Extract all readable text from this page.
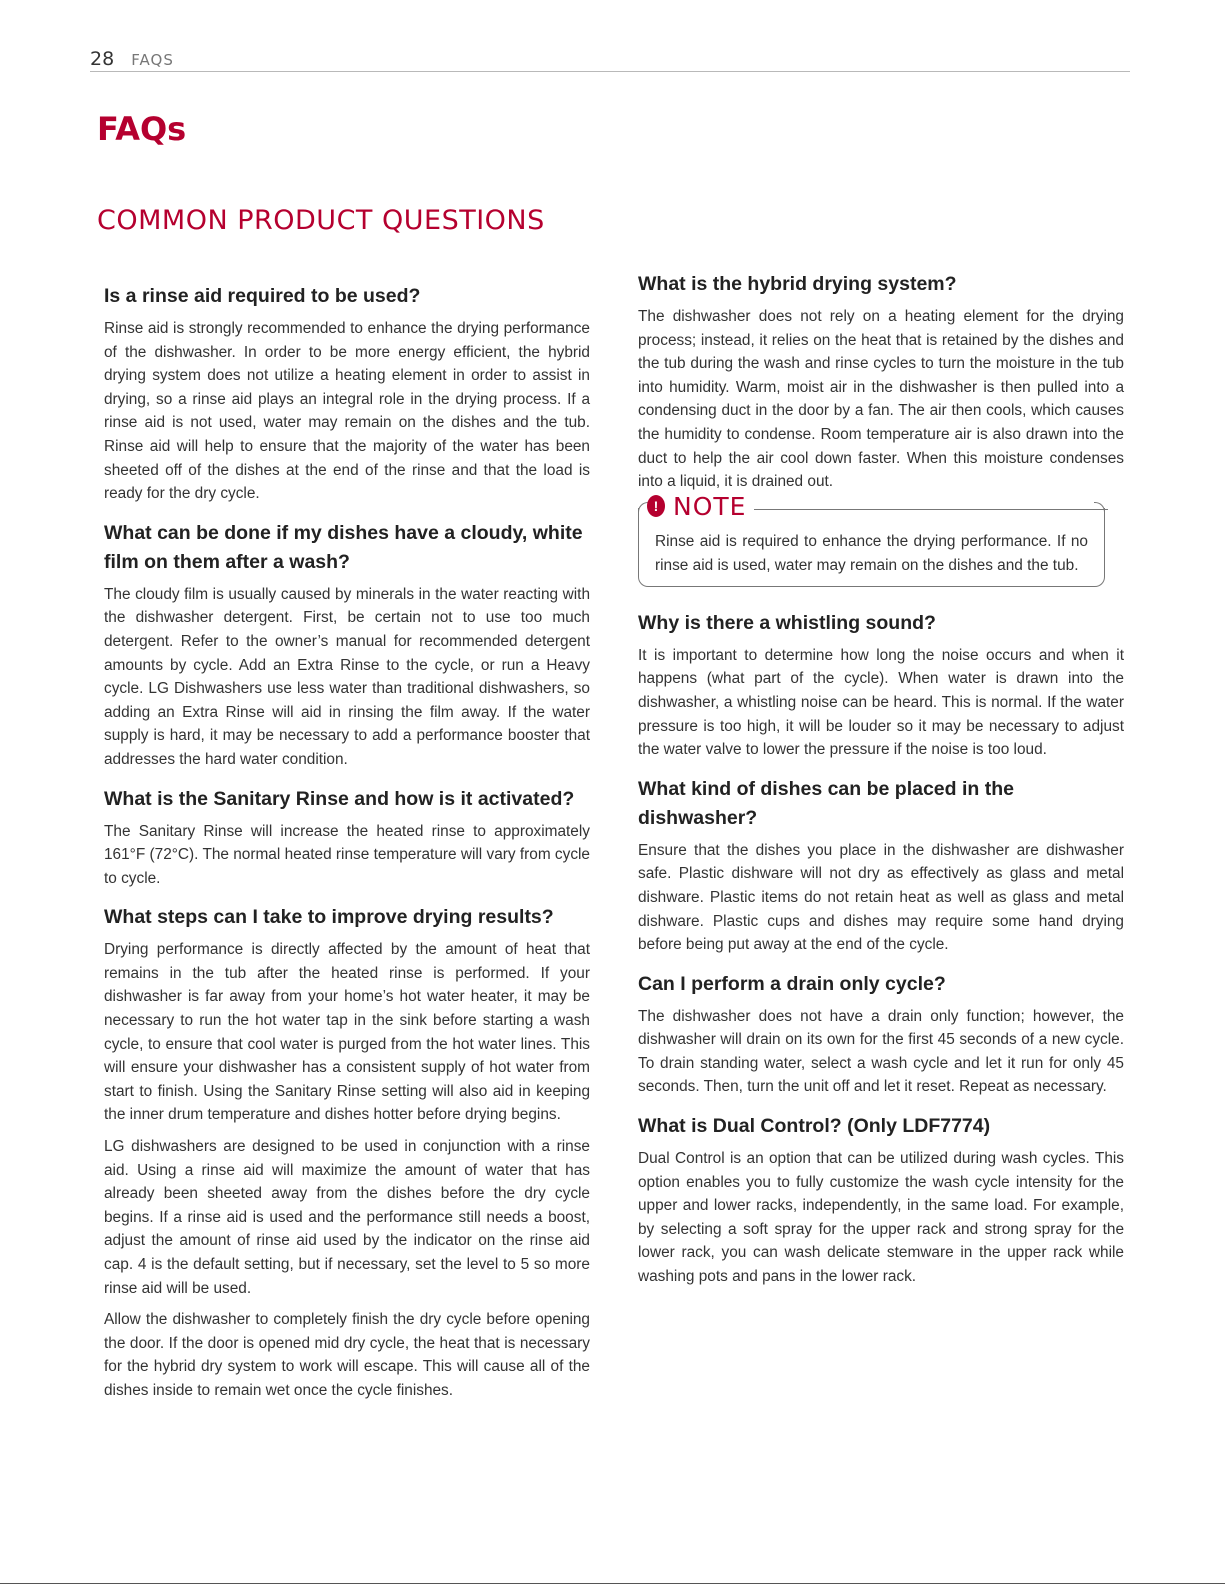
28 FAQS
FAQs
COMMON PRODUCT QUESTIONS
Is a rinse aid required to be used?

Rinse aid is strongly recommended to enhance the drying performance of the dishwasher. In order to be more energy efficient, the hybrid drying system does not utilize a heating element in order to assist in drying, so a rinse aid plays an integral role in the drying process. If a rinse aid is not used, water may remain on the dishes and the tub. Rinse aid will help to ensure that the majority of the water has been sheeted off of the dishes at the end of the rinse and that the load is ready for the dry cycle.

What can be done if my dishes have a cloudy, white film on them after a wash?

The cloudy film is usually caused by minerals in the water reacting with the dishwasher detergent. First, be certain not to use too much detergent. Refer to the owner’s manual for recommended detergent amounts by cycle. Add an Extra Rinse to the cycle, or run a Heavy cycle. LG Dishwashers use less water than traditional dishwashers, so adding an Extra Rinse will aid in rinsing the film away. If the water supply is hard, it may be necessary to add a performance booster that addresses the hard water condition.

What is the Sanitary Rinse and how is it activated?

The Sanitary Rinse will increase the heated rinse to approximately 161°F (72°C). The normal heated rinse temperature will vary from cycle to cycle.

What steps can I take to improve drying results?

Drying performance is directly affected by the amount of heat that remains in the tub after the heated rinse is performed. If your dishwasher is far away from your home’s hot water heater, it may be necessary to run the hot water tap in the sink before starting a wash cycle, to ensure that cool water is purged from the hot water lines. This will ensure your dishwasher has a consistent supply of hot water from start to finish. Using the Sanitary Rinse setting will also aid in keeping the inner drum temperature and dishes hotter before drying begins.

LG dishwashers are designed to be used in conjunction with a rinse aid. Using a rinse aid will maximize the amount of water that has already been sheeted away from the dishes before the dry cycle begins. If a rinse aid is used and the performance still needs a boost, adjust the amount of rinse aid used by the indicator on the rinse aid cap. 4 is the default setting, but if necessary, set the level to 5 so more rinse aid will be used.

Allow the dishwasher to completely finish the dry cycle before opening the door. If the door is opened mid dry cycle, the heat that is necessary for the hybrid dry system to work will escape. This will cause all of the dishes inside to remain wet once the cycle finishes.

What is the hybrid drying system?

The dishwasher does not rely on a heating element for the drying process; instead, it relies on the heat that is retained by the dishes and the tub during the wash and rinse cycles to turn the moisture in the tub into humidity. Warm, moist air in the dishwasher is then pulled into a condensing duct in the door by a fan. The air then cools, which causes the humidity to condense. Room temperature air is also drawn into the duct to help the air cool down faster. When this moisture condenses into a liquid, it is drained out.

! NOTE

Rinse aid is required to enhance the drying performance. If no rinse aid is used, water may remain on the dishes and the tub.

Why is there a whistling sound?

It is important to determine how long the noise occurs and when it happens (what part of the cycle). When water is drawn into the dishwasher, a whistling noise can be heard. This is normal. If the water pressure is too high, it will be louder so it may be necessary to adjust the water valve to lower the pressure if the noise is too loud.

What kind of dishes can be placed in the dishwasher?

Ensure that the dishes you place in the dishwasher are dishwasher safe. Plastic dishware will not dry as effectively as glass and metal dishware. Plastic items do not retain heat as well as glass and metal dishware. Plastic cups and dishes may require some hand drying before being put away at the end of the cycle.

Can I perform a drain only cycle?

The dishwasher does not have a drain only function; however, the dishwasher will drain on its own for the first 45 seconds of a new cycle. To drain standing water, select a wash cycle and let it run for only 45 seconds. Then, turn the unit off and let it reset. Repeat as necessary.

What is Dual Control? (Only LDF7774)

Dual Control is an option that can be utilized during wash cycles. This option enables you to fully customize the wash cycle intensity for the upper and lower racks, independently, in the same load. For example, by selecting a soft spray for the upper rack and strong spray for the lower rack, you can wash delicate stemware in the upper rack while washing pots and pans in the lower rack.
